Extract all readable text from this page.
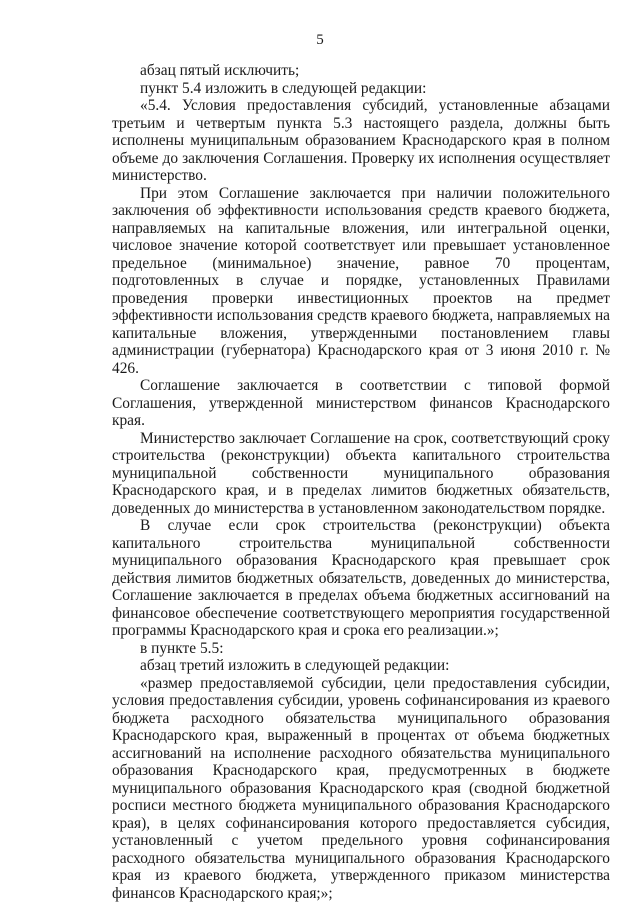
5

абзац пятый исключить;

пункт 5.4 изложить в следующей редакции:

«5.4. Условия предоставления субсидий, установленные абзацами третьим и четвертым пункта 5.3 настоящего раздела, должны быть исполнены муниципальным образованием Краснодарского края в полном объеме до заключения Соглашения. Проверку их исполнения осуществляет министерство.

При этом Соглашение заключается при наличии положительного заключения об эффективности использования средств краевого бюджета, направляемых на капитальные вложения, или интегральной оценки, числовое значение которой соответствует или превышает установленное предельное (минимальное) значение, равное 70 процентам, подготовленных в случае и порядке, установленных Правилами проведения проверки инвестиционных проектов на предмет эффективности использования средств краевого бюджета, направляемых на капитальные вложения, утвержденными постановлением главы администрации (губернатора) Краснодарского края от 3 июня 2010 г. № 426.

Соглашение заключается в соответствии с типовой формой Соглашения, утвержденной министерством финансов Краснодарского края.

Министерство заключает Соглашение на срок, соответствующий сроку строительства (реконструкции) объекта капитального строительства муниципальной собственности муниципального образования Краснодарского края, и в пределах лимитов бюджетных обязательств, доведенных до министерства в установленном законодательством порядке.

В случае если срок строительства (реконструкции) объекта капитального строительства муниципальной собственности муниципального образования Краснодарского края превышает срок действия лимитов бюджетных обязательств, доведенных до министерства, Соглашение заключается в пределах объема бюджетных ассигнований на финансовое обеспечение соответствующего мероприятия государственной программы Краснодарского края и срока его реализации.»;

в пункте 5.5:

абзац третий изложить в следующей редакции:

«размер предоставляемой субсидии, цели предоставления субсидии, условия предоставления субсидии, уровень софинансирования из краевого бюджета расходного обязательства муниципального образования Краснодарского края, выраженный в процентах от объема бюджетных ассигнований на исполнение расходного обязательства муниципального образования Краснодарского края, предусмотренных в бюджете муниципального образования Краснодарского края (сводной бюджетной росписи местного бюджета муниципального образования Краснодарского края), в целях софинансирования которого предоставляется субсидия, установленный с учетом предельного уровня софинансирования расходного обязательства муниципального образования Краснодарского края из краевого бюджета, утвержденного приказом министерства финансов Краснодарского края;»;
